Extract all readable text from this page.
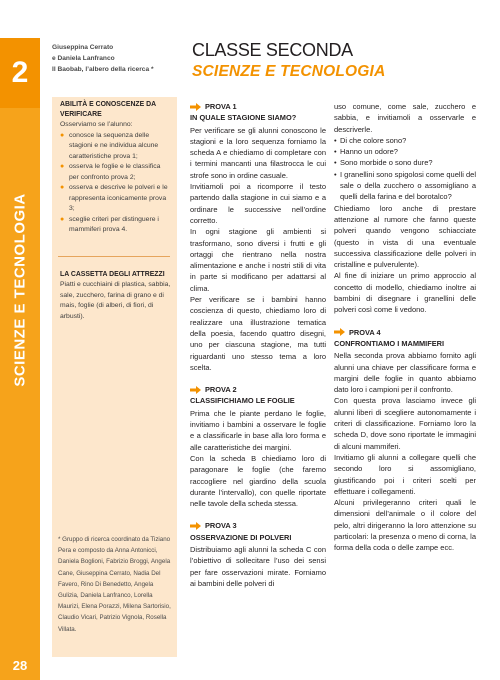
2
SCIENZE E TECNOLOGIA
28
Giuseppina Cerrato
e Daniela Lanfranco
Il Baobab, l’albero della ricerca *
ABILITÀ E CONOSCENZE DA VERIFICARE
Osserviamo se l’alunno:
● conosce la sequenza delle stagioni e ne individua alcune caratteristiche prova 1;
● osserva le foglie e le classifica per confronto prova 2;
● osserva e descrive le polveri e le rappresenta iconicamente prova 3;
● sceglie criteri per distinguere i mammiferi prova 4.
LA CASSETTA DEGLI ATTREZZI
Piatti e cucchiaini di plastica, sabbia, sale, zucchero, farina di grano e di mais, foglie (di alberi, di fiori, di arbusti).
* Gruppo di ricerca coordinato da Tiziano Pera e composto da Anna Antonicci, Daniela Boglioni, Fabrizio Broggi, Angela Cane, Giuseppina Cerrato, Nadia Del Favero, Rino Di Benedetto, Angela Gulizia, Daniela Lanfranco, Lorella Maurizi, Elena Porazzi, Milena Sartorisio, Claudio Vicari, Patrizio Vignola, Rosella Villata.
CLASSE SECONDA
SCIENZE E TECNOLOGIA
PROVA 1
IN QUALE STAGIONE SIAMO?

Per verificare se gli alunni conoscono le stagioni e la loro sequenza forniamo la scheda A e chiediamo di completare con i termini mancanti una filastrocca le cui strofe sono in ordine casuale.

Invitiamoli poi a ricomporre il testo partendo dalla stagione in cui siamo e a ordinare le successive nell’ordine corretto.

In ogni stagione gli ambienti si trasformano, sono diversi i frutti e gli ortaggi che rientrano nella nostra alimentazione e anche i nostri stili di vita in parte si modificano per adattarsi al clima.

Per verificare se i bambini hanno coscienza di questo, chiediamo loro di realizzare una illustrazione tematica della poesia, facendo quattro disegni, uno per ciascuna stagione, ma tutti riguardanti uno stesso tema a loro scelta.

PROVA 2
CLASSIFICHIAMO LE FOGLIE

Prima che le piante perdano le foglie, invitiamo i bambini a osservare le foglie e a classificarle in base alla loro forma e alle caratteristiche dei margini.

Con la scheda B chiediamo loro di paragonare le foglie (che faremo raccogliere nel giardino della scuola durante l’intervallo), con quelle riportate nelle tavole della scheda stessa.

PROVA 3
OSSERVAZIONE DI POLVERI

Distribuiamo agli alunni la scheda C con l’obiettivo di sollecitare l’uso dei sensi per fare osservazioni mirate. Forniamo ai bambini delle polveri di

uso comune, come sale, zucchero e sabbia, e invitiamoli a osservarle e descriverle.

• Di che colore sono?
• Hanno un odore?
• Sono morbide o sono dure?
• I granellini sono spigolosi come quelli del sale o della zucchero o assomigliano a quelli della farina e del borotalco?

Chiediamo loro anche di prestare attenzione al rumore che fanno queste polveri quando vengono schiacciate (questo in vista di una eventuale successiva classificazione delle polveri in cristalline e pulverulente).

Al fine di iniziare un primo approccio al concetto di modello, chiediamo inoltre ai bambini di disegnare i granellini delle polveri così come li vedono.

PROVA 4
CONFRONTIAMO I MAMMIFERI

Nella seconda prova abbiamo fornito agli alunni una chiave per classificare forma e margini delle foglie in quanto abbiamo dato loro i campioni per il confronto.

Con questa prova lasciamo invece gli alunni liberi di scegliere autonomamente i criteri di classificazione. Forniamo loro la scheda D, dove sono riportate le immagini di alcuni mammiferi.

Invitiamo gli alunni a collegare quelli che secondo loro si assomigliano, giustificando poi i criteri scelti per effettuare i collegamenti.

Alcuni privilegeranno criteri quali le dimensioni dell’animale o il colore del pelo, altri dirigeranno la loro attenzione su particolari: la presenza o meno di corna, la forma della coda o delle zampe ecc.
